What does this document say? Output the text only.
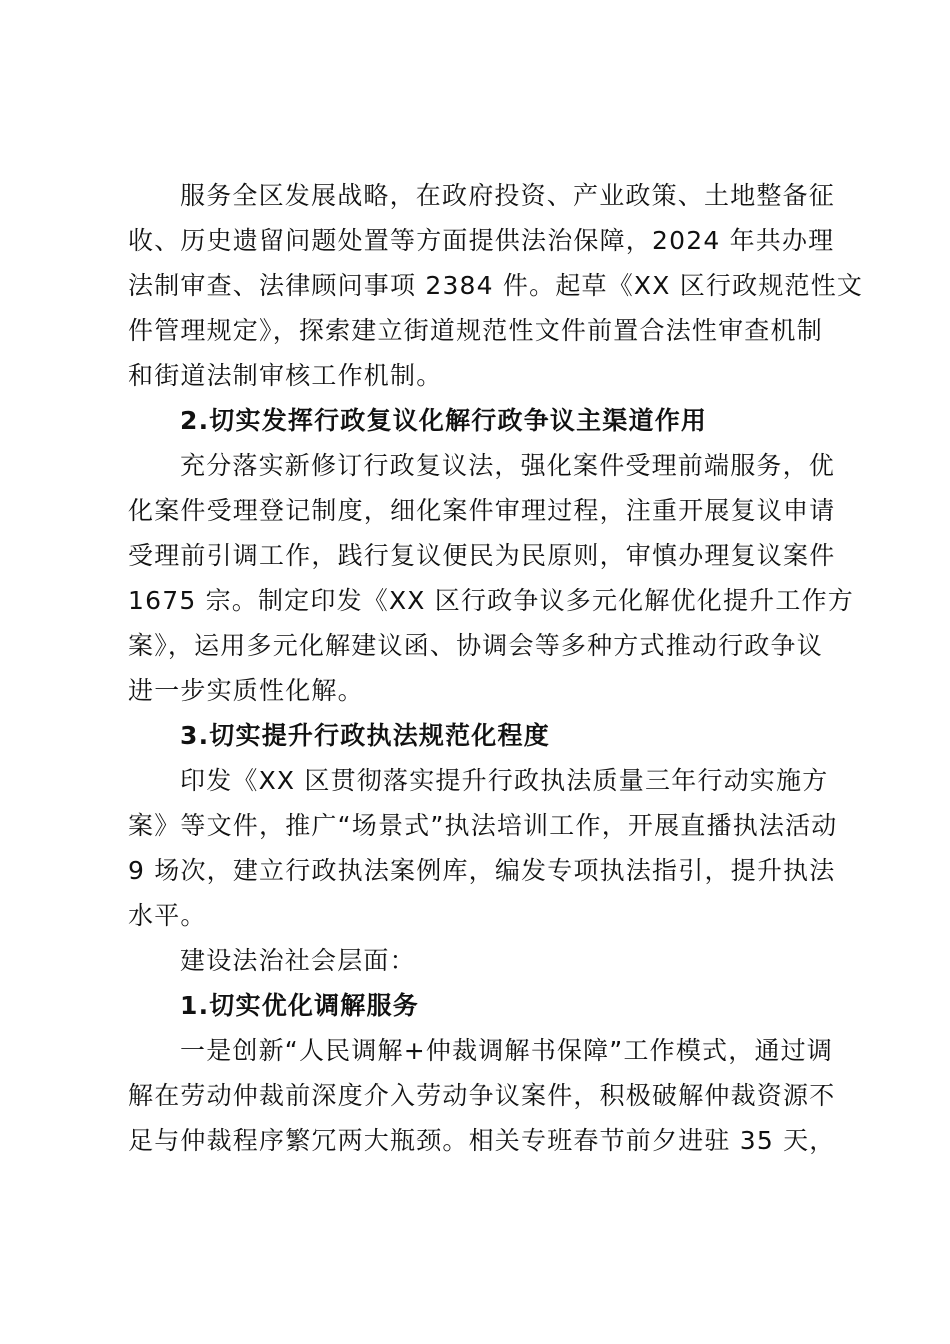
服务全区发展战略，在政府投资、产业政策、土地整备征
收、历史遗留问题处置等方面提供法治保障，2024 年共办理
法制审查、法律顾问事项 2384 件。起草《XX 区行政规范性文
件管理规定》，探索建立街道规范性文件前置合法性审查机制
和街道法制审核工作机制。
2.切实发挥行政复议化解行政争议主渠道作用
充分落实新修订行政复议法，强化案件受理前端服务，优
化案件受理登记制度，细化案件审理过程，注重开展复议申请
受理前引调工作，践行复议便民为民原则，审慎办理复议案件
1675 宗。制定印发《XX 区行政争议多元化解优化提升工作方
案》，运用多元化解建议函、协调会等多种方式推动行政争议
进一步实质性化解。
3.切实提升行政执法规范化程度
印发《XX 区贯彻落实提升行政执法质量三年行动实施方
案》等文件，推广“场景式”执法培训工作，开展直播执法活动
9 场次，建立行政执法案例库，编发专项执法指引，提升执法
水平。
建设法治社会层面：
1.切实优化调解服务
一是创新“人民调解+仲裁调解书保障”工作模式，通过调
解在劳动仲裁前深度介入劳动争议案件，积极破解仲裁资源不
足与仲裁程序繁冗两大瓶颈。相关专班春节前夕进驻 35 天，
